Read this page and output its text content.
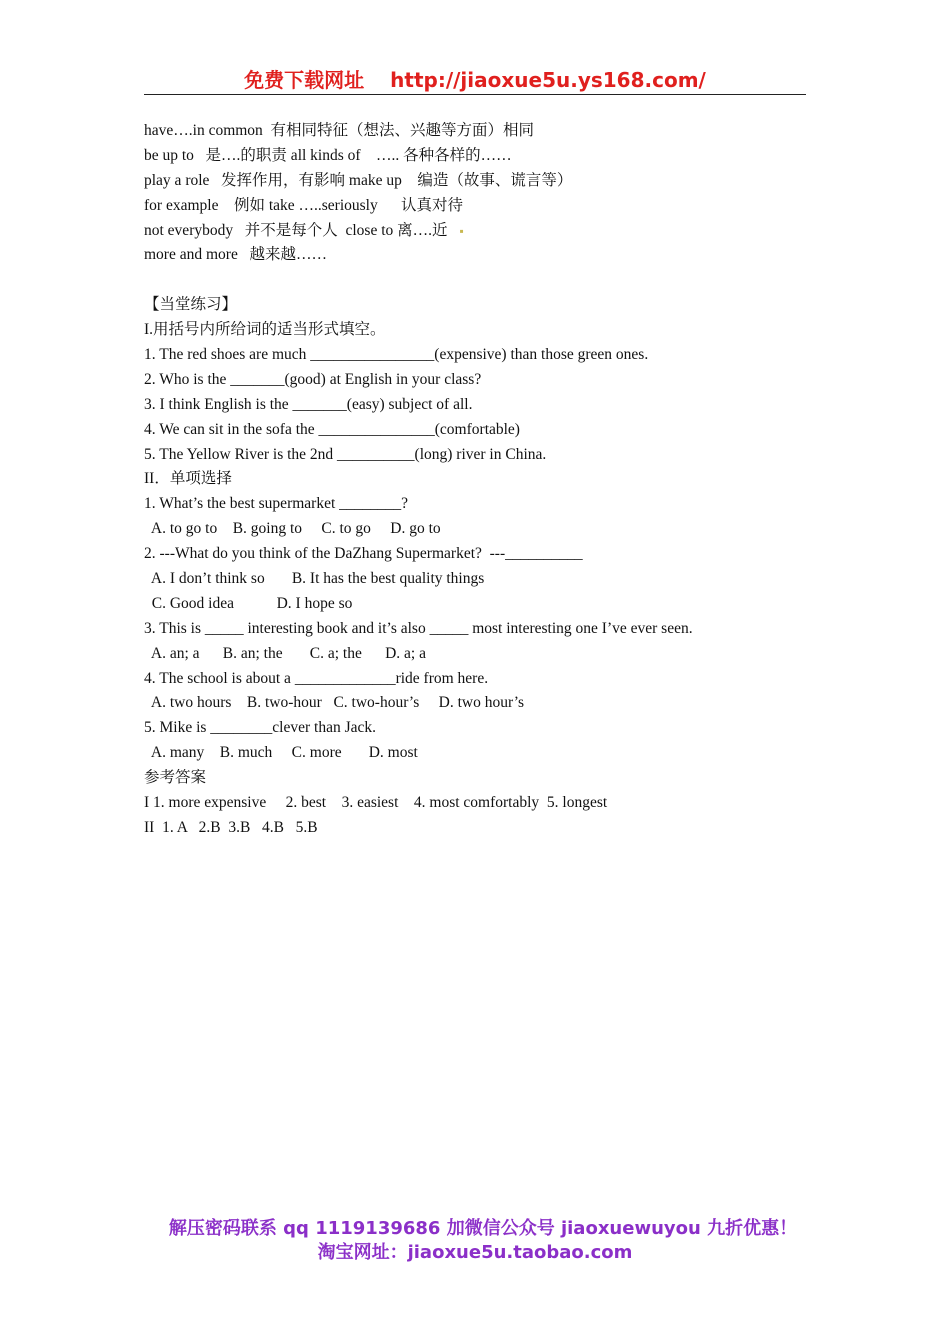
免费下载网址 http://jiaoxue5u.ys168.com/
have….in common  有相同特征（想法、兴趣等方面）相同
be up to   是….的职责 all kinds of    ….. 各种各样的……
play a role   发挥作用，有影响 make up    编造（故事、谎言等）
for example    例如 take …..seriously      认真对待
not everybody   并不是每个人  close to 离….近    ▪
more and more   越来越……
【当堂练习】
I.用括号内所给词的适当形式填空。
1. The red shoes are much ________________(expensive) than those green ones.
2. Who is the _______(good) at English in your class?
3. I think English is the _______(easy) subject of all.
4. We can sit in the sofa the _______________(comfortable)
5. The Yellow River is the 2nd __________(long) river in China.
II．单项选择
1. What’s the best supermarket ________?
A. to go to    B. going to     C. to go     D. go to
2. ---What do you think of the DaZhang Supermarket?  ---__________
A. I don’t think so       B. It has the best quality things
C. Good idea           D. I hope so
3. This is _____ interesting book and it’s also _____ most interesting one I’ve ever seen.
A. an; a      B. an; the       C. a; the      D. a; a
4. The school is about a _____________ride from here.
A. two hours    B. two-hour   C. two-hour’s     D. two hour’s
5. Mike is ________clever than Jack.
A. many    B. much     C. more       D. most
参考答案
I 1. more expensive     2. best    3. easiest    4. most comfortably  5. longest
II  1. A   2.B  3.B   4.B   5.B
解压密码联系 qq 1119139686 加微信公众号 jiaoxuewuyou 九折优惠！
淘宝网址：jiaoxue5u.taobao.com
